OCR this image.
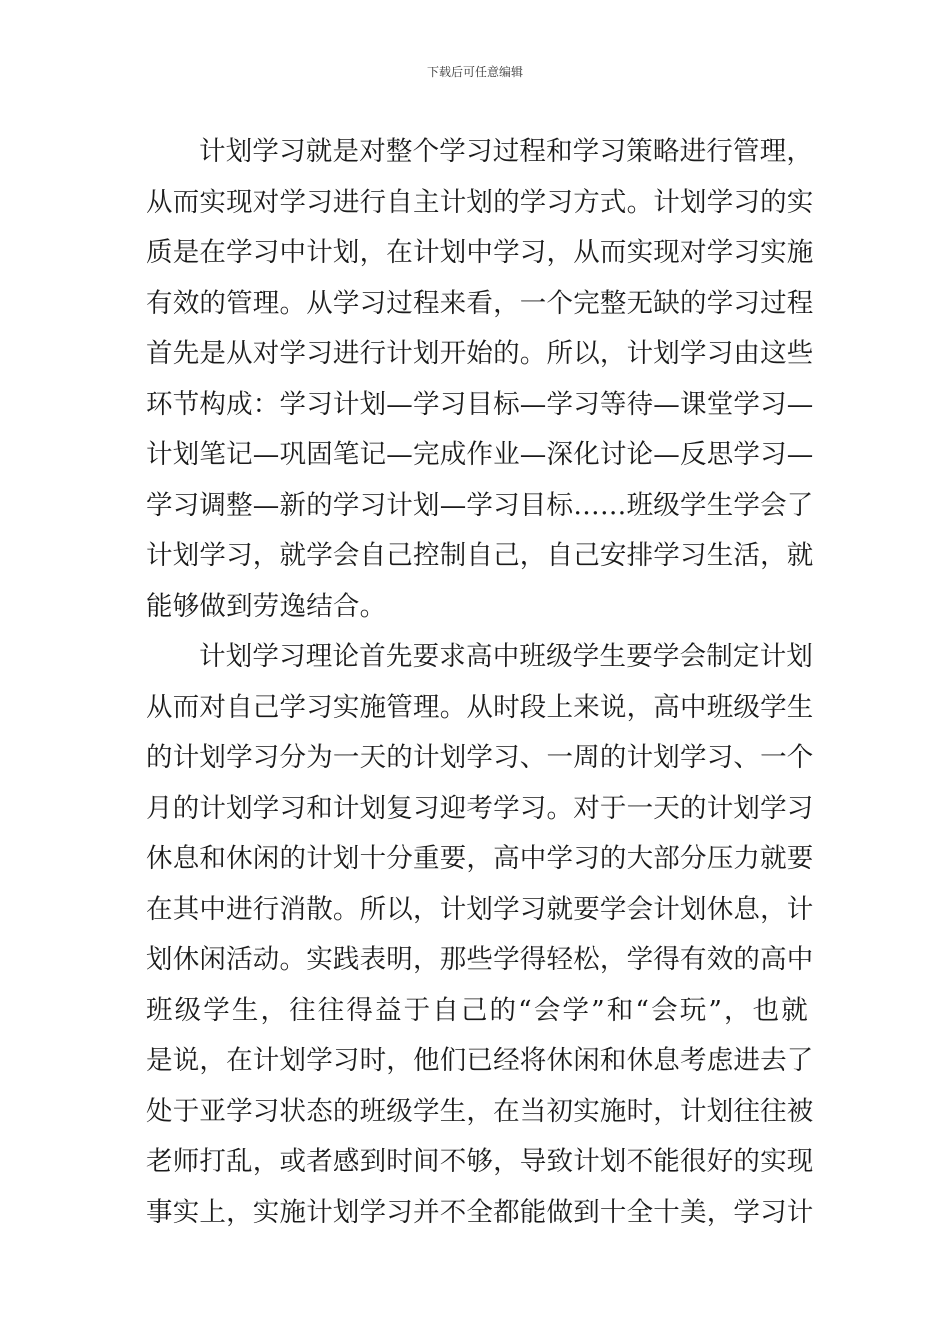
下载后可任意编辑
计划学习就是对整个学习过程和学习策略进行管理，
从而实现对学习进行自主计划的学习方式。计划学习的实
质是在学习中计划，在计划中学习，从而实现对学习实施
有效的管理。从学习过程来看，一个完整无缺的学习过程
首先是从对学习进行计划开始的。所以，计划学习由这些
环节构成：学习计划—学习目标—学习等待—课堂学习—
计划笔记—巩固笔记—完成作业—深化讨论—反思学习—
学习调整—新的学习计划—学习目标……班级学生学会了
计划学习，就学会自己控制自己，自己安排学习生活，就
能够做到劳逸结合。
计划学习理论首先要求高中班级学生要学会制定计划
从而对自己学习实施管理。从时段上来说，高中班级学生
的计划学习分为一天的计划学习、一周的计划学习、一个
月的计划学习和计划复习迎考学习。对于一天的计划学习
休息和休闲的计划十分重要，高中学习的大部分压力就要
在其中进行消散。所以，计划学习就要学会计划休息，计
划休闲活动。实践表明，那些学得轻松，学得有效的高中
班级学生，往往得益于自己的“会学”和“会玩”，也就
是说，在计划学习时，他们已经将休闲和休息考虑进去了
处于亚学习状态的班级学生，在当初实施时，计划往往被
老师打乱，或者感到时间不够，导致计划不能很好的实现
事实上，实施计划学习并不全都能做到十全十美，学习计
